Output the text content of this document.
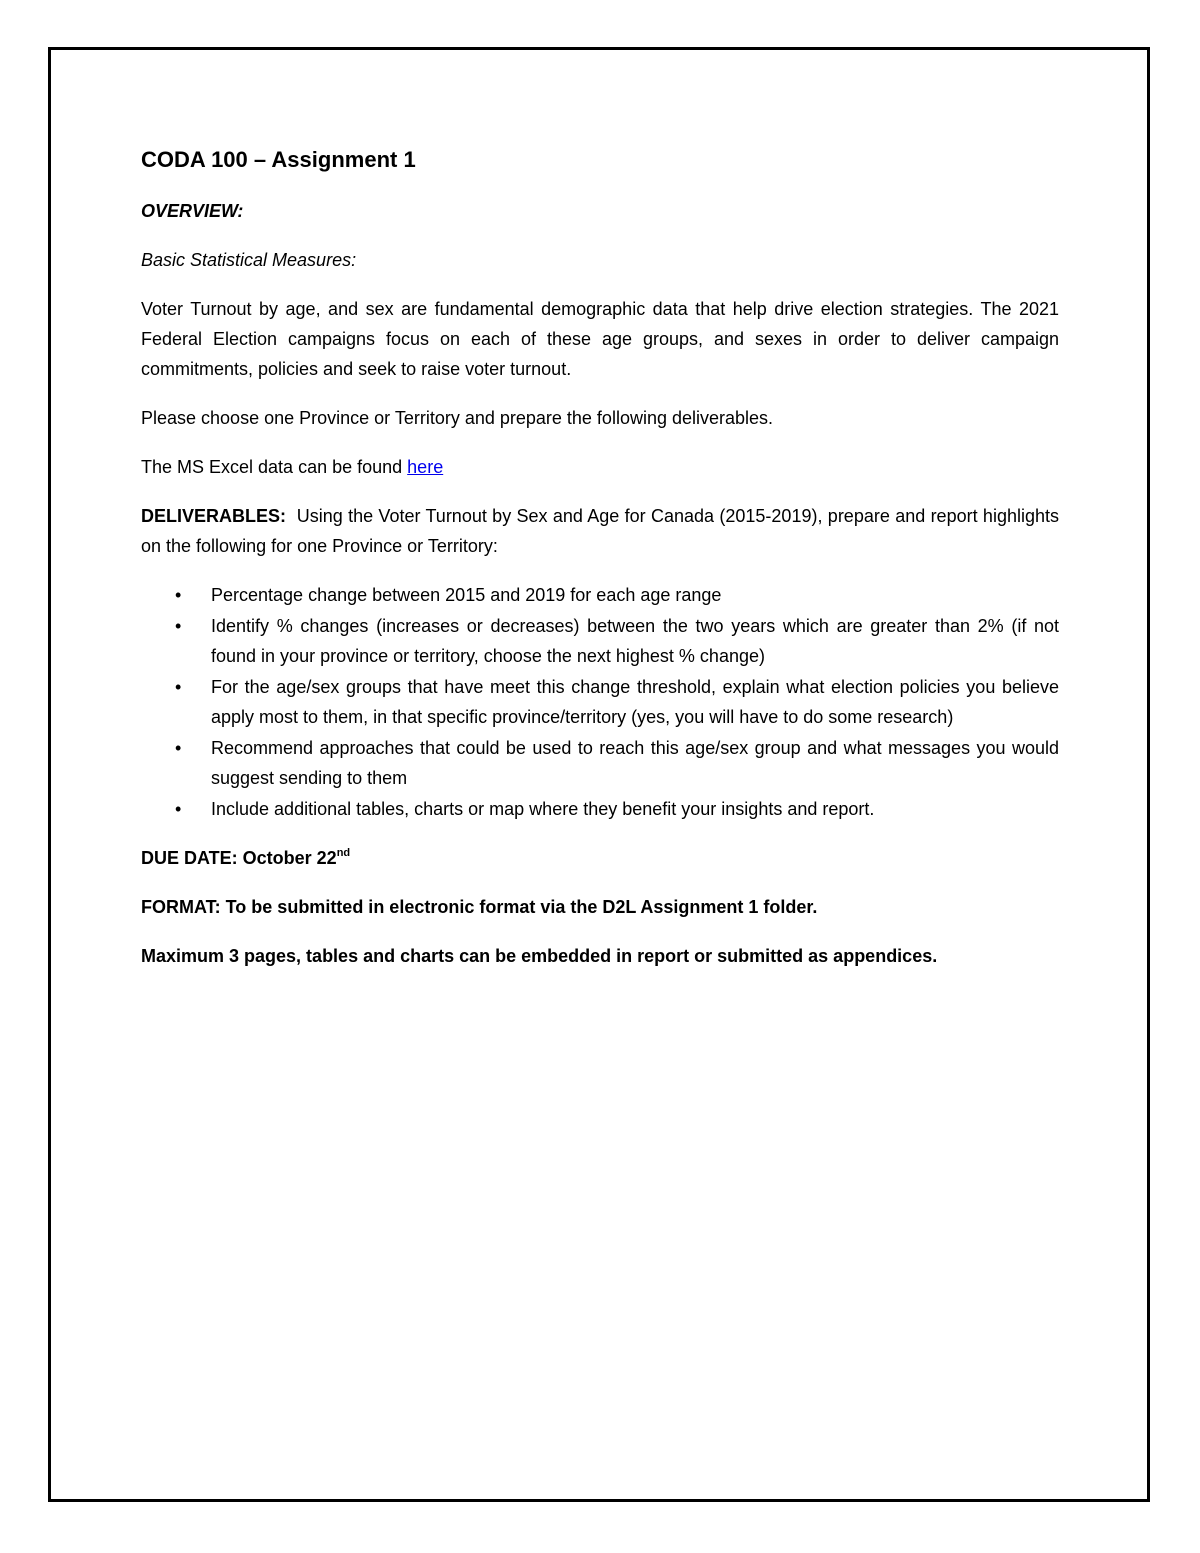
CODA 100 – Assignment 1

OVERVIEW:

Basic Statistical Measures:

Voter Turnout by age, and sex are fundamental demographic data that help drive election strategies. The 2021 Federal Election campaigns focus on each of these age groups, and sexes in order to deliver campaign commitments, policies and seek to raise voter turnout.

Please choose one Province or Territory and prepare the following deliverables.

The MS Excel data can be found here

DELIVERABLES: Using the Voter Turnout by Sex and Age for Canada (2015-2019), prepare and report highlights on the following for one Province or Territory:

• Percentage change between 2015 and 2019 for each age range
• Identify % changes (increases or decreases) between the two years which are greater than 2% (if not found in your province or territory, choose the next highest % change)
• For the age/sex groups that have meet this change threshold, explain what election policies you believe apply most to them, in that specific province/territory (yes, you will have to do some research)
• Recommend approaches that could be used to reach this age/sex group and what messages you would suggest sending to them
• Include additional tables, charts or map where they benefit your insights and report.

DUE DATE: October 22nd

FORMAT: To be submitted in electronic format via the D2L Assignment 1 folder.

Maximum 3 pages, tables and charts can be embedded in report or submitted as appendices.
